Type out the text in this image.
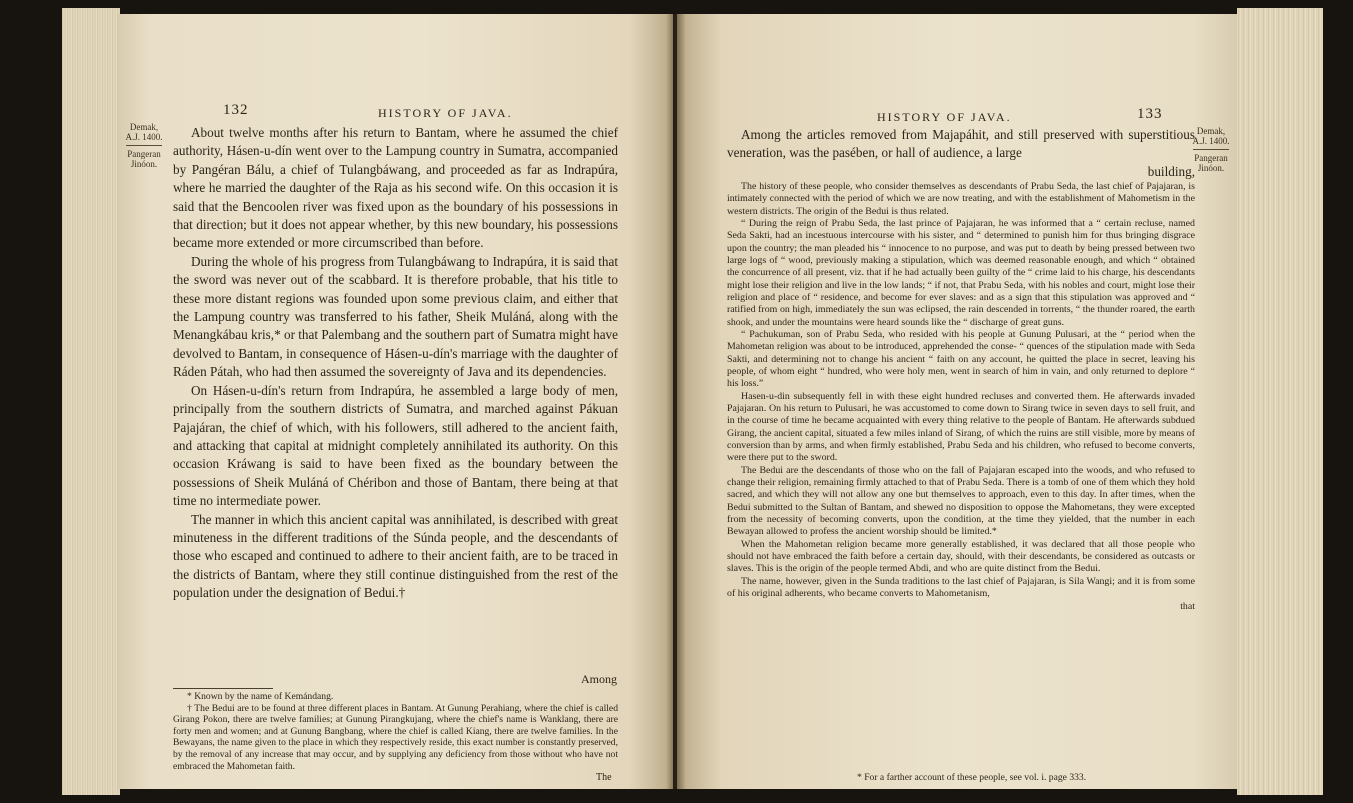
Demak,
A.J. 1400.
Pangeran
Jinóon.
132	HISTORY OF JAVA.

About twelve months after his return to Bantam, where he assumed the chief authority, Hásen-u-dín went over to the Lampung country in Sumatra, accompanied by Pangéran Bálu, a chief of Tulangbáwang, and proceeded as far as Indrapúra, where he married the daughter of the Raja as his second wife. On this occasion it is said that the Bencoolen river was fixed upon as the boundary of his possessions in that direction; but it does not appear whether, by this new boundary, his possessions became more extended or more circumscribed than before.

During the whole of his progress from Tulangbáwang to Indrapúra, it is said that the sword was never out of the scabbard. It is therefore probable, that his title to these more distant regions was founded upon some previous claim, and either that the Lampung country was transferred to his father, Sheik Muláná, along with the Menangkábau kris,* or that Palembang and the southern part of Sumatra might have devolved to Bantam, in consequence of Hásen-u-dín's marriage with the daughter of Ráden Pátah, who had then assumed the sovereignty of Java and its dependencies.

On Hásen-u-dín's return from Indrapúra, he assembled a large body of men, principally from the southern districts of Sumatra, and marched against Pákuan Pajajáran, the chief of which, with his followers, still adhered to the ancient faith, and attacking that capital at midnight completely annihilated its authority. On this occasion Kráwang is said to have been fixed as the boundary between the possessions of Sheik Muláná of Chéribon and those of Bantam, there being at that time no intermediate power.

The manner in which this ancient capital was annihilated, is described with great minuteness in the different traditions of the Súnda people, and the descendants of those who escaped and continued to adhere to their ancient faith, are to be traced in the districts of Bantam, where they still continue distinguished from the rest of the population under the designation of Bedui.†

Among

* Known by the name of Kemándang.

† The Bedui are to be found at three different places in Bantam. At Gunung Perahiang, where the chief is called Girang Pokon, there are twelve families; at Gunung Pirangkujang, where the chief's name is Wanklang, there are forty men and women; and at Gunung Bangbang, where the chief is called Kiang, there are twelve families. In the Bewayans, the name given to the place in which they respectively reside, this exact number is constantly preserved, by the removal of any increase that may occur, and by supplying any deficiency from those without who have not embraced the Mahometan faith.

The
HISTORY OF JAVA.	133
Demak,
A.J. 1400.
Pangeran
Jinóon.

Among the articles removed from Majapáhit, and still preserved with superstitious veneration, was the pasében, or hall of audience, a large

building,

The history of these people, who consider themselves as descendants of Prabu Seda, the last chief of Pajajaran, is intimately connected with the period of which we are now treating, and with the establishment of Mahometism in the western districts. The origin of the Bedui is thus related.

“ During the reign of Prabu Seda, the last prince of Pajajaran, he was informed that a “ certain recluse, named Seda Sakti, had an incestuous intercourse with his sister, and “ determined to punish him for thus bringing disgrace upon the country; the man pleaded his “ innocence to no purpose, and was put to death by being pressed between two large logs of “ wood, previously making a stipulation, which was deemed reasonable enough, and which “ obtained the concurrence of all present, viz. that if he had actually been guilty of the “ crime laid to his charge, his descendants might lose their religion and live in the low lands; “ if not, that Prabu Seda, with his nobles and court, might lose their religion and place of “ residence, and become for ever slaves: and as a sign that this stipulation was approved and “ ratified from on high, immediately the sun was eclipsed, the rain descended in torrents, “ the thunder roared, the earth shook, and under the mountains were heard sounds like the “ discharge of great guns.

“ Pachukuman, son of Prabu Seda, who resided with his people at Gunung Pulusari, at the “ period when the Mahometan religion was about to be introduced, apprehended the conse- “ quences of the stipulation made with Seda Sakti, and determining not to change his ancient “ faith on any account, he quitted the place in secret, leaving his people, of whom eight “ hundred, who were holy men, went in search of him in vain, and only returned to deplore “ his loss.”

Hasen-u-din subsequently fell in with these eight hundred recluses and converted them. He afterwards invaded Pajajaran. On his return to Pulusari, he was accustomed to come down to Sirang twice in seven days to sell fruit, and in the course of time he became acquainted with every thing relative to the people of Bantam. He afterwards subdued Girang, the ancient capital, situated a few miles inland of Sirang, of which the ruins are still visible, more by means of conversion than by arms, and when firmly established, Prabu Seda and his children, who refused to become converts, were there put to the sword.

The Bedui are the descendants of those who on the fall of Pajajaran escaped into the woods, and who refused to change their religion, remaining firmly attached to that of Prabu Seda. There is a tomb of one of them which they hold sacred, and which they will not allow any one but themselves to approach, even to this day. In after times, when the Bedui submitted to the Sultan of Bantam, and shewed no disposition to oppose the Mahometans, they were excepted from the necessity of becoming converts, upon the condition, at the time they yielded, that the number in each Bewayan allowed to profess the ancient worship should be limited.*

When the Mahometan religion became more generally established, it was declared that all those people who should not have embraced the faith before a certain day, should, with their descendants, be considered as outcasts or slaves. This is the origin of the people termed Abdi, and who are quite distinct from the Bedui.

The name, however, given in the Sunda traditions to the last chief of Pajajaran, is Sila Wangi; and it is from some of his original adherents, who became converts to Mahometanism,

that
* For a farther account of these people, see vol. i. page 333.
